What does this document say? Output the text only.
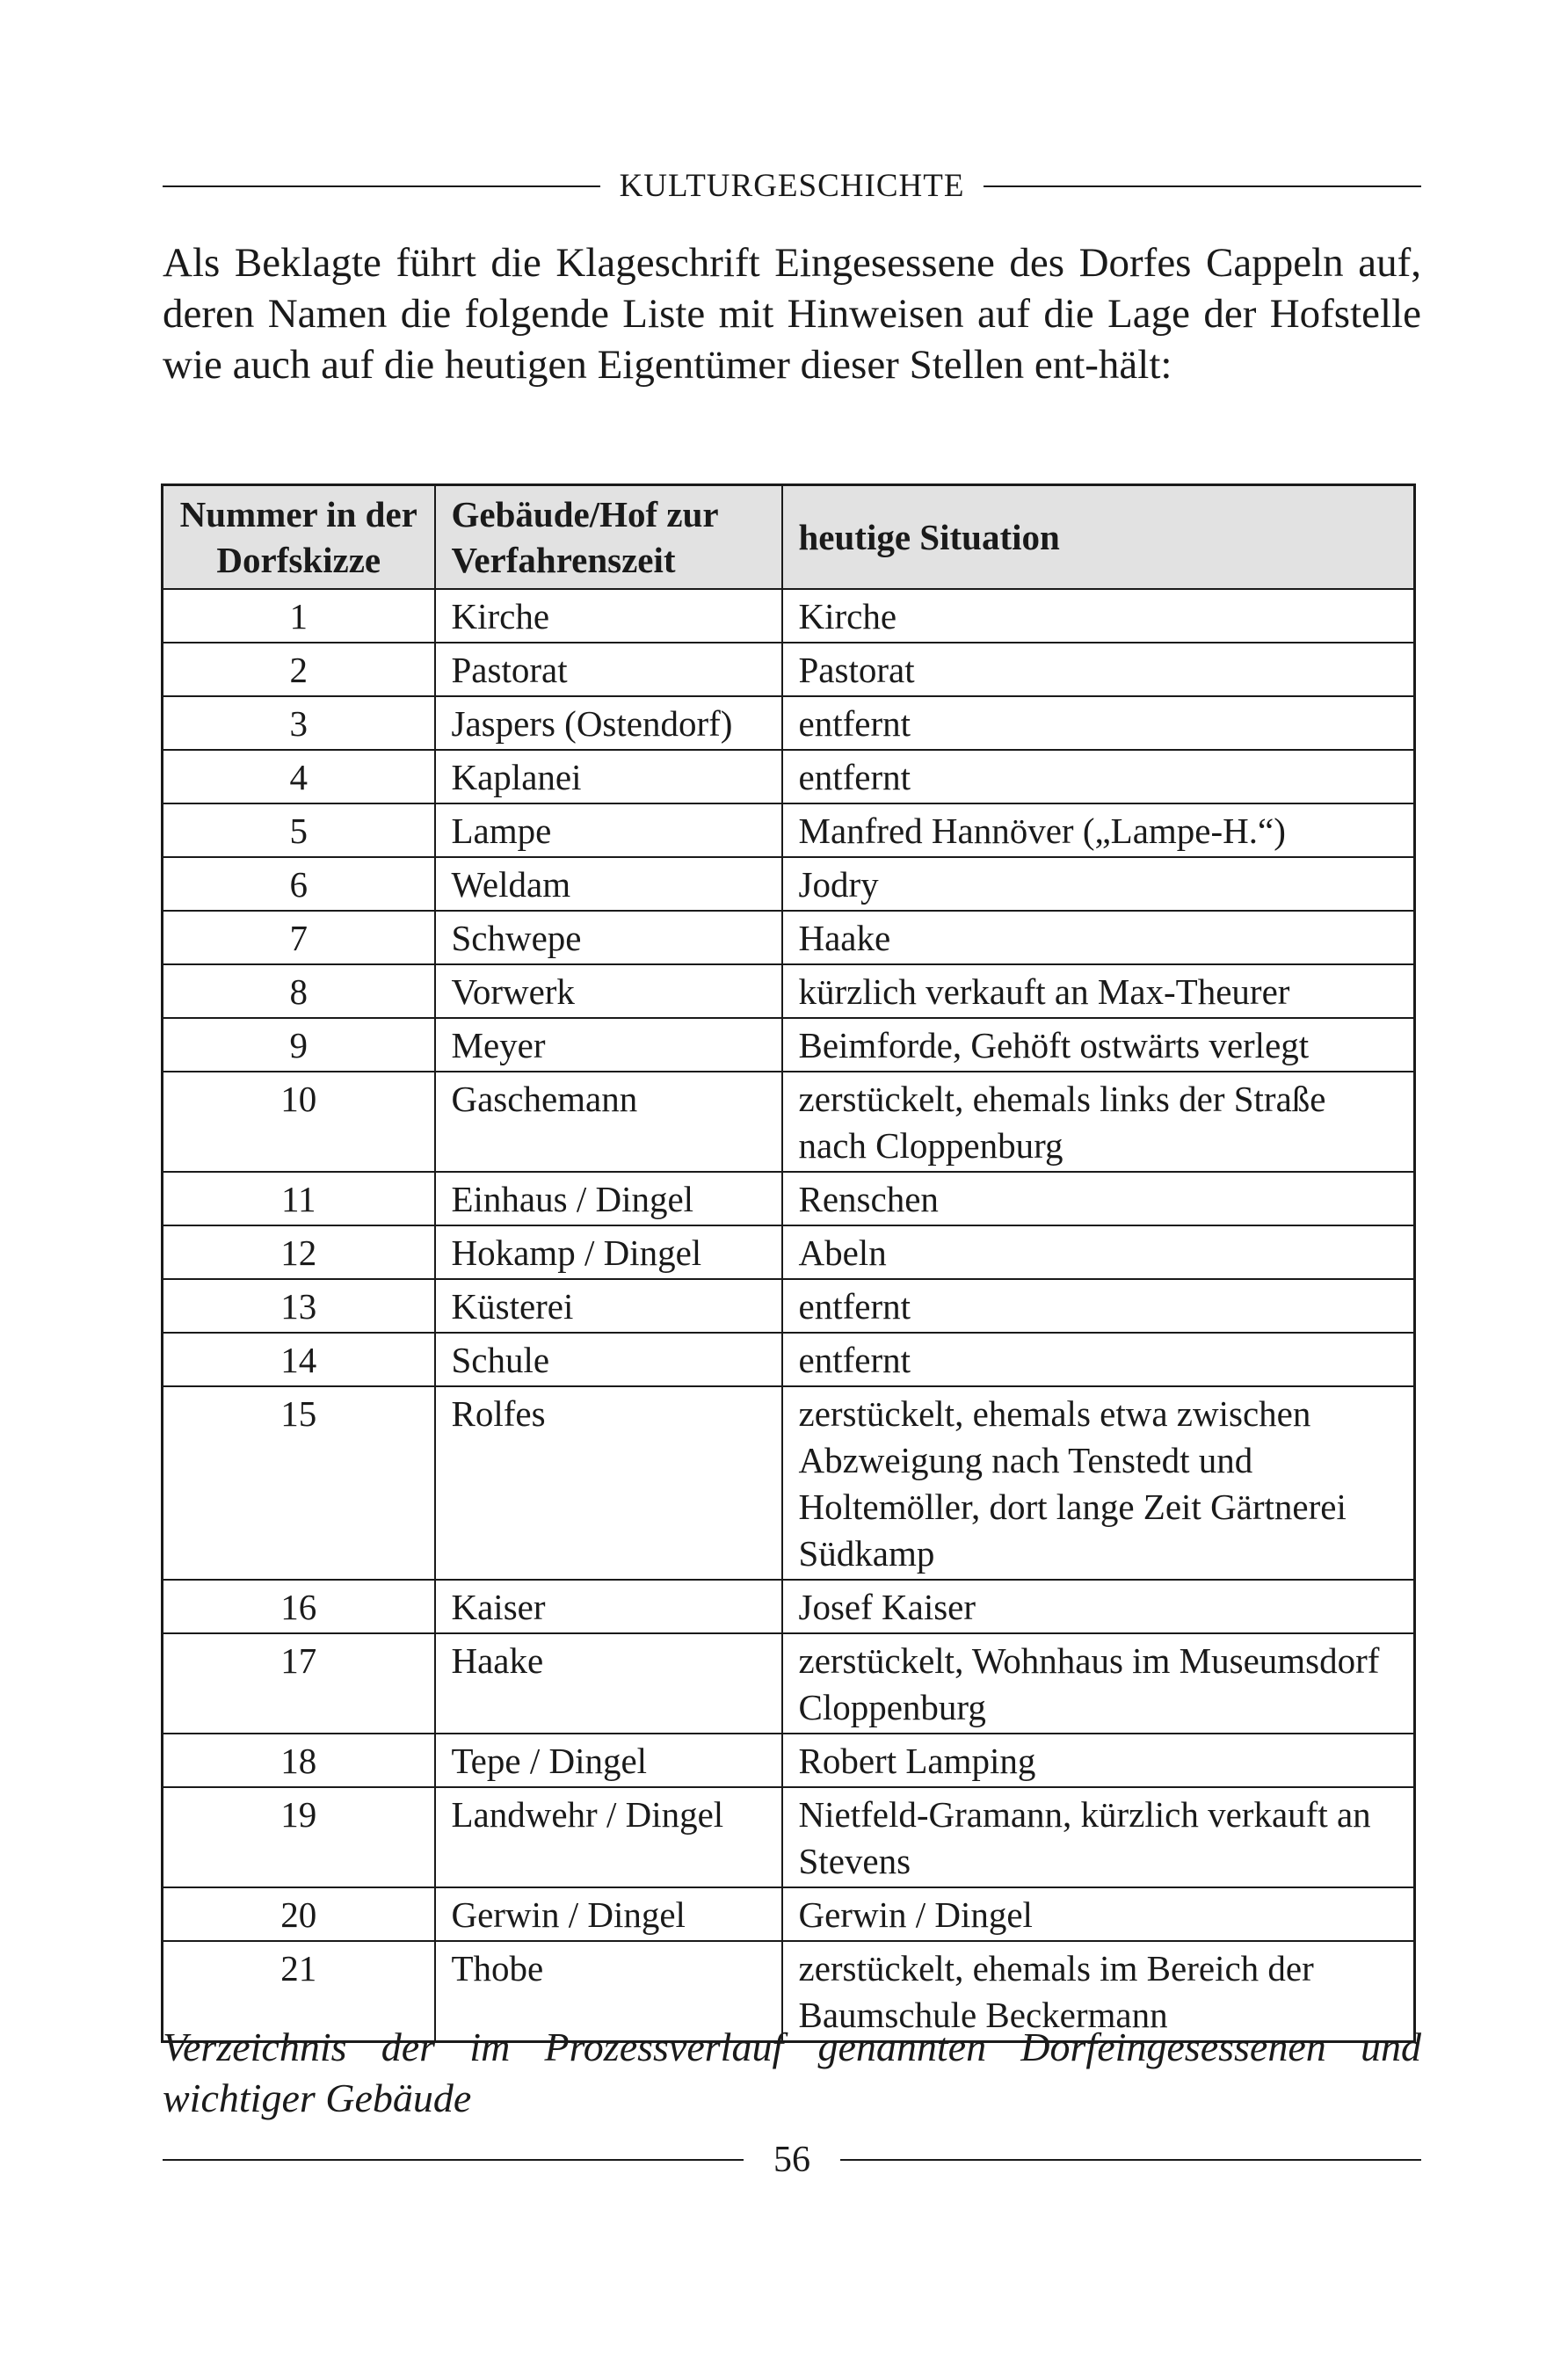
KULTURGESCHICHTE

Als Beklagte führt die Klageschrift Eingesessene des Dorfes Cappeln auf, deren Namen die folgende Liste mit Hinweisen auf die Lage der Hofstelle wie auch auf die heutigen Eigentümer dieser Stellen ent-hält:

Nummer in der Dorfskizze	Gebäude/Hof zur Verfahrenszeit	heutige Situation
1	Kirche	Kirche
2	Pastorat	Pastorat
3	Jaspers (Ostendorf)	entfernt
4	Kaplanei	entfernt
5	Lampe	Manfred Hannöver („Lampe-H.“)
6	Weldam	Jodry
7	Schwepe	Haake
8	Vorwerk	kürzlich verkauft an Max-Theurer
9	Meyer	Beimforde, Gehöft ostwärts verlegt
10	Gaschemann	zerstückelt, ehemals links der Straße nach Cloppenburg
11	Einhaus / Dingel	Renschen
12	Hokamp / Dingel	Abeln
13	Küsterei	entfernt
14	Schule	entfernt
15	Rolfes	zerstückelt, ehemals etwa zwischen Abzweigung nach Tenstedt und Holtemöller, dort lange Zeit Gärtnerei Südkamp
16	Kaiser	Josef Kaiser
17	Haake	zerstückelt, Wohnhaus im Museumsdorf Cloppenburg
18	Tepe / Dingel	Robert Lamping
19	Landwehr / Dingel	Nietfeld-Gramann, kürzlich verkauft an Stevens
20	Gerwin / Dingel	Gerwin / Dingel
21	Thobe	zerstückelt, ehemals im Bereich der Baumschule Beckermann

Verzeichnis der im Prozessverlauf genannten Dorfeingesessenen und wichtiger Gebäude

56
